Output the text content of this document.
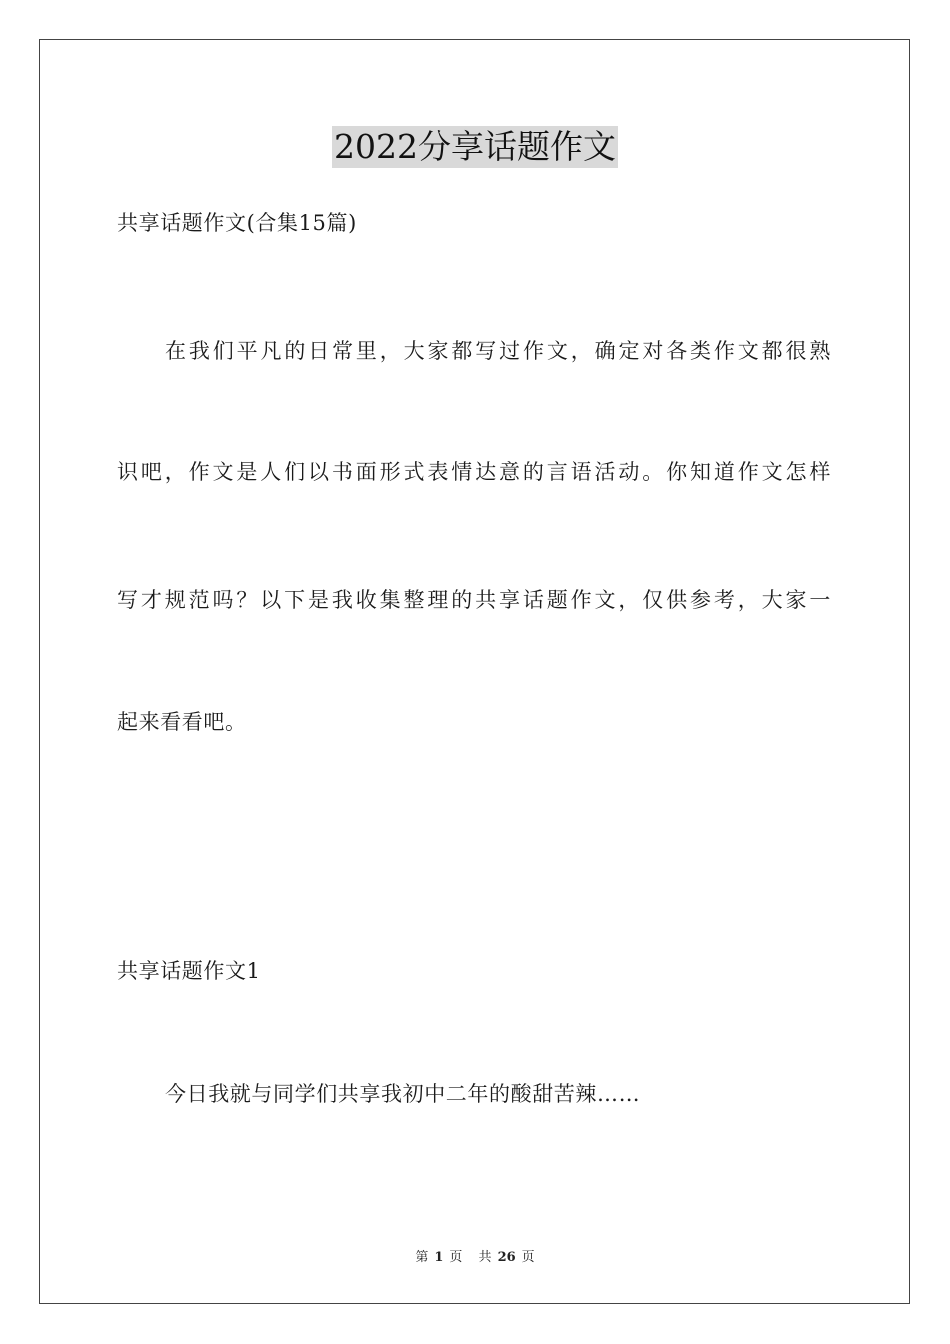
2022分享话题作文
共享话题作文(合集15篇)
在我们平凡的日常里，大家都写过作文，确定对各类作文都很熟
识吧，作文是人们以书面形式表情达意的言语活动。你知道作文怎样
写才规范吗？以下是我收集整理的共享话题作文，仅供参考，大家一
起来看看吧。
共享话题作文1
今日我就与同学们共享我初中二年的酸甜苦辣……
第 1 页 共 26 页
